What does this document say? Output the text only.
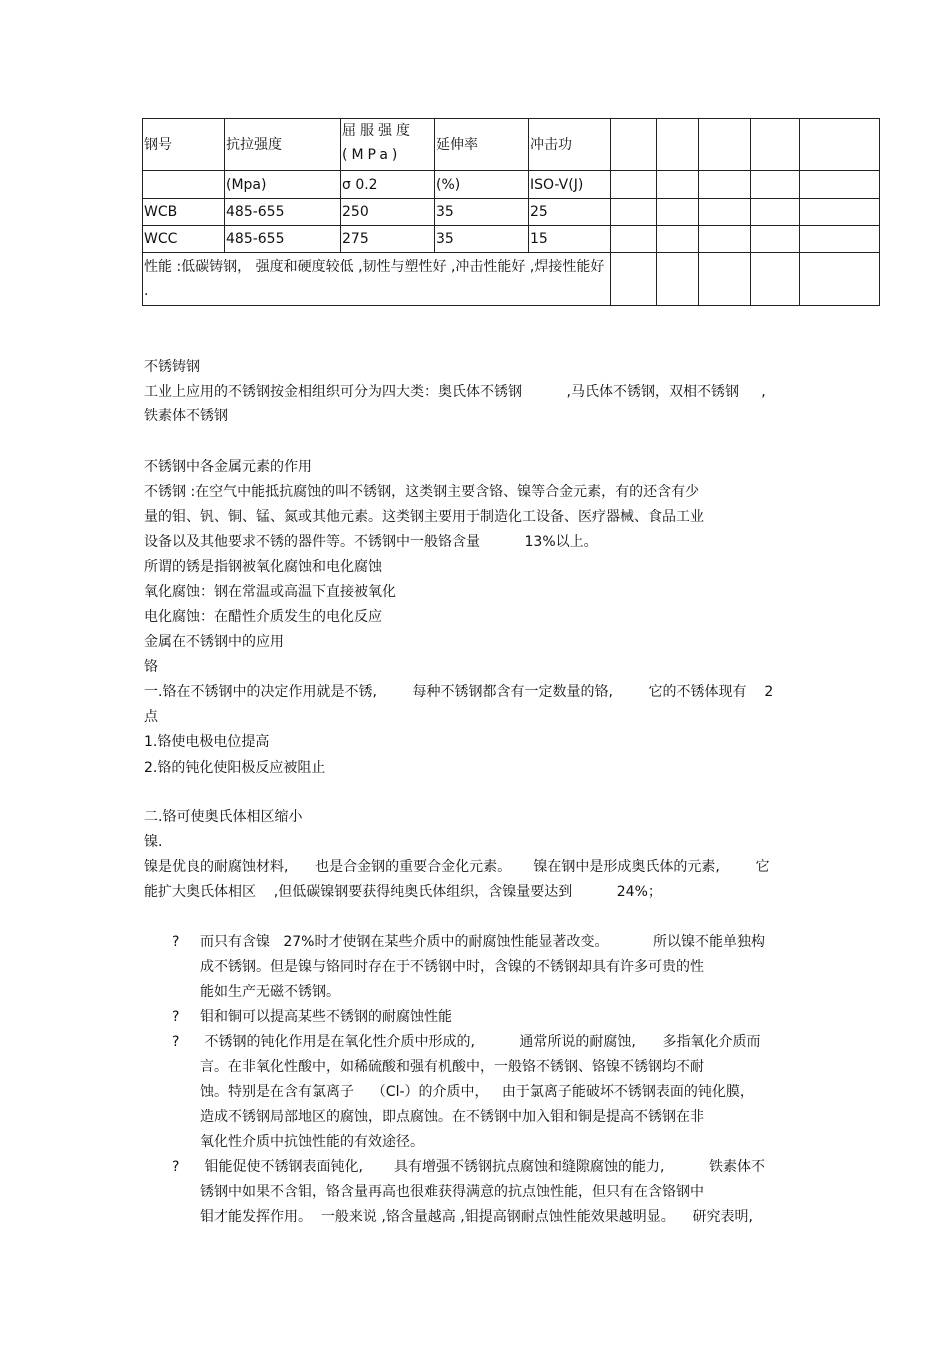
钢号	抗拉强度	屈服强度(MPa)	延伸率	冲击功					
	(Mpa)	σ 0.2	(%)	ISO-V(J)					
WCB	485-655	250	35	25					
WCC	485-655	275	35	15					
性能 :低碳铸钢， 强度和硬度较低 ,韧性与塑性好 ,冲击性能好 ,焊接性能好 .									
不锈铸钢
工业上应用的不锈钢按金相组织可分为四大类：奥氏体不锈钢          ,马氏体不锈钢，双相不锈钢     ,
铁素体不锈钢
不锈钢中各金属元素的作用
不锈钢 :在空气中能抵抗腐蚀的叫不锈钢，这类钢主要含铬、镍等合金元素，有的还含有少
量的钼、钒、铜、锰、氮或其他元素。这类钢主要用于制造化工设备、医疗器械、食品工业
设备以及其他要求不锈的器件等。不锈钢中一般铬含量          13%以上。
所谓的锈是指钢被氧化腐蚀和电化腐蚀
氧化腐蚀：钢在常温或高温下直接被氧化
电化腐蚀：在醋性介质发生的电化反应
金属在不锈钢中的应用
铬
一.铬在不锈钢中的决定作用就是不锈,        每种不锈钢都含有一定数量的铬,        它的不锈体现有    2
点
1.铬使电极电位提高
2.铬的钝化使阳极反应被阻止
二.铬可使奥氏体相区缩小
镍.
镍是优良的耐腐蚀材料,      也是合金钢的重要合金化元素。     镍在钢中是形成奥氏体的元素,        它
能扩大奥氏体相区    ,但低碳镍钢要获得纯奥氏体组织，含镍量要达到          24%；
? 而只有含镍   27%时才使钢在某些介质中的耐腐蚀性能显著改变。          所以镍不能单独构
成不锈钢。但是镍与铬同时存在于不锈钢中时，含镍的不锈钢却具有许多可贵的性
能如生产无磁不锈钢。
? 钼和铜可以提高某些不锈钢的耐腐蚀性能
? 不锈钢的钝化作用是在氧化性介质中形成的,          通常所说的耐腐蚀,      多指氧化介质而
言。在非氧化性酸中，如稀硫酸和强有机酸中，一般铬不锈钢、铬镍不锈钢均不耐
蚀。特别是在含有氯离子    （Cl-）的介质中，   由于氯离子能破坏不锈钢表面的钝化膜，
造成不锈钢局部地区的腐蚀，即点腐蚀。在不锈钢中加入钼和铜是提高不锈钢在非
氧化性介质中抗蚀性能的有效途径。
? 钼能促使不锈钢表面钝化,       具有增强不锈钢抗点腐蚀和缝隙腐蚀的能力,          铁素体不
锈钢中如果不含钼，铬含量再高也很难获得满意的抗点蚀性能，但只有在含铬钢中
钼才能发挥作用。  一般来说 ,铬含量越高 ,钼提高钢耐点蚀性能效果越明显。    研究表明,
